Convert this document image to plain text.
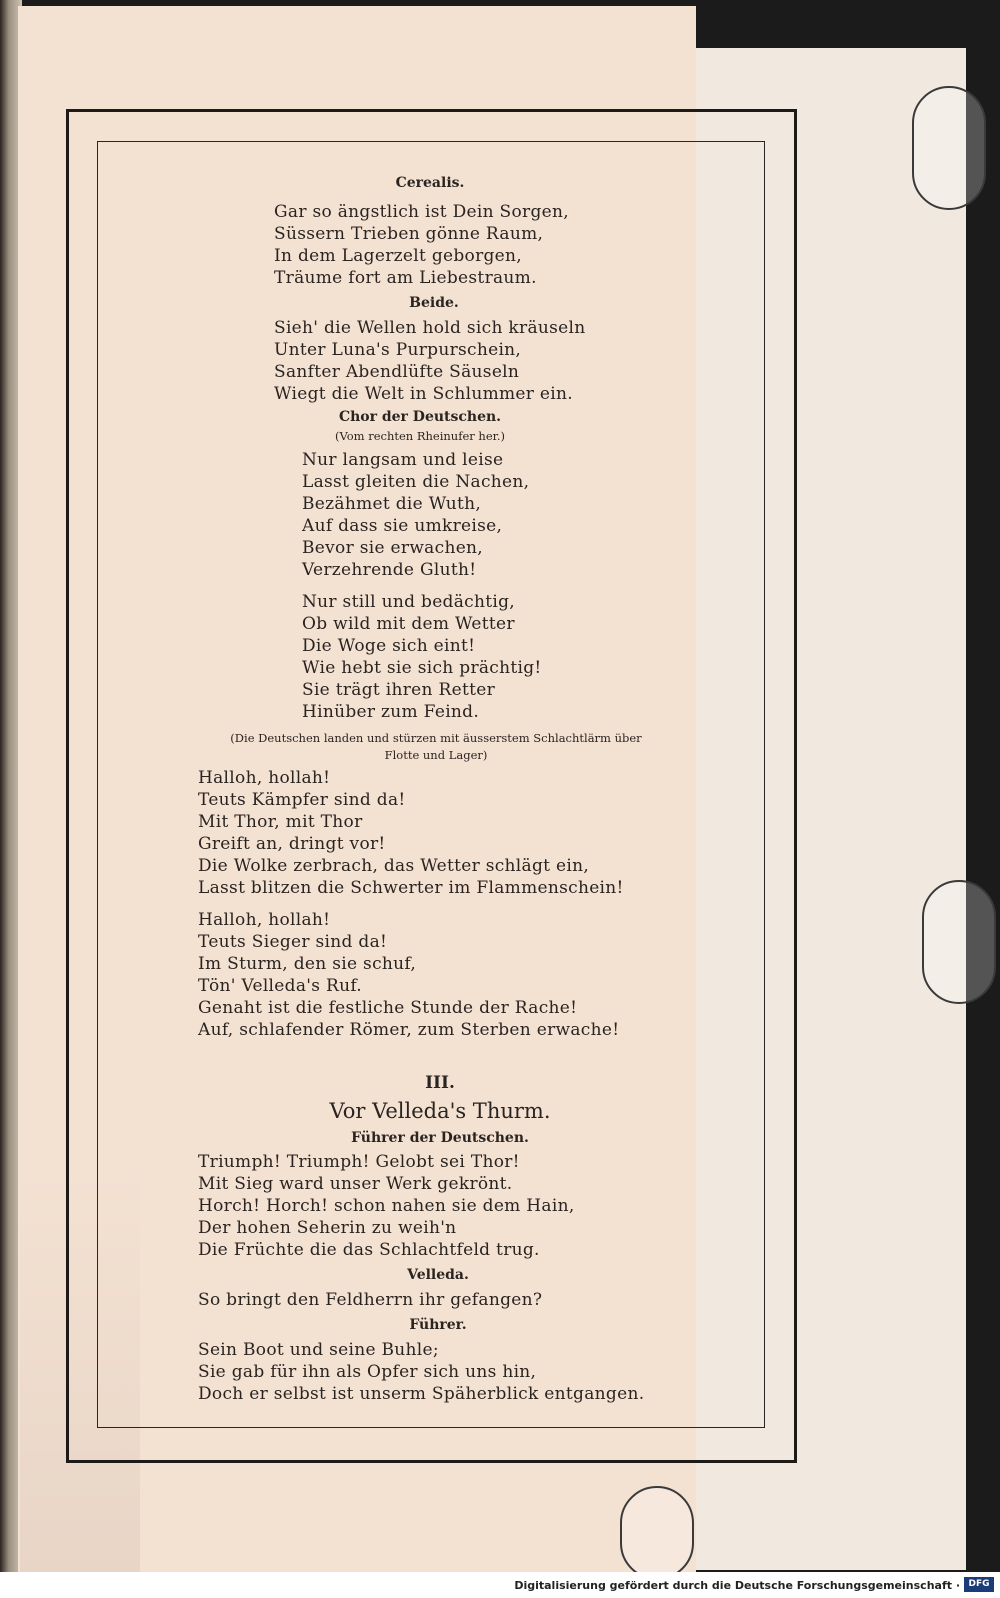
Cerealis.
Gar so ängstlich ist Dein Sorgen,
Süssern Trieben gönne Raum,
In dem Lagerzelt geborgen,
Träume fort am Liebestraum.
Beide.
Sieh' die Wellen hold sich kräuseln
Unter Luna's Purpurschein,
Sanfter Abendlüfte Säuseln
Wiegt die Welt in Schlummer ein.
Chor der Deutschen.
(Vom rechten Rheinufer her.)
Nur langsam und leise
Lasst gleiten die Nachen,
Bezähmet die Wuth,
Auf dass sie umkreise,
Bevor sie erwachen,
Verzehrende Gluth!
Nur still und bedächtig,
Ob wild mit dem Wetter
Die Woge sich eint!
Wie hebt sie sich prächtig!
Sie trägt ihren Retter
Hinüber zum Feind.
(Die Deutschen landen und stürzen mit äusserstem Schlachtlärm über
Flotte und Lager)
Halloh, hollah!
Teuts Kämpfer sind da!
Mit Thor, mit Thor
Greift an, dringt vor!
Die Wolke zerbrach, das Wetter schlägt ein,
Lasst blitzen die Schwerter im Flammenschein!
Halloh, hollah!
Teuts Sieger sind da!
Im Sturm, den sie schuf,
Tön' Velleda's Ruf.
Genaht ist die festliche Stunde der Rache!
Auf, schlafender Römer, zum Sterben erwache!
III.
Vor Velleda's Thurm.
Führer der Deutschen.
Triumph! Triumph! Gelobt sei Thor!
Mit Sieg ward unser Werk gekrönt.
Horch! Horch! schon nahen sie dem Hain,
Der hohen Seherin zu weih'n
Die Früchte die das Schlachtfeld trug.
Velleda.
So bringt den Feldherrn ihr gefangen?
Führer.
Sein Boot und seine Buhle;
Sie gab für ihn als Opfer sich uns hin,
Doch er selbst ist unserm Späherblick entgangen.
Digitalisierung gefördert durch die Deutsche Forschungsgemeinschaft · DFG
